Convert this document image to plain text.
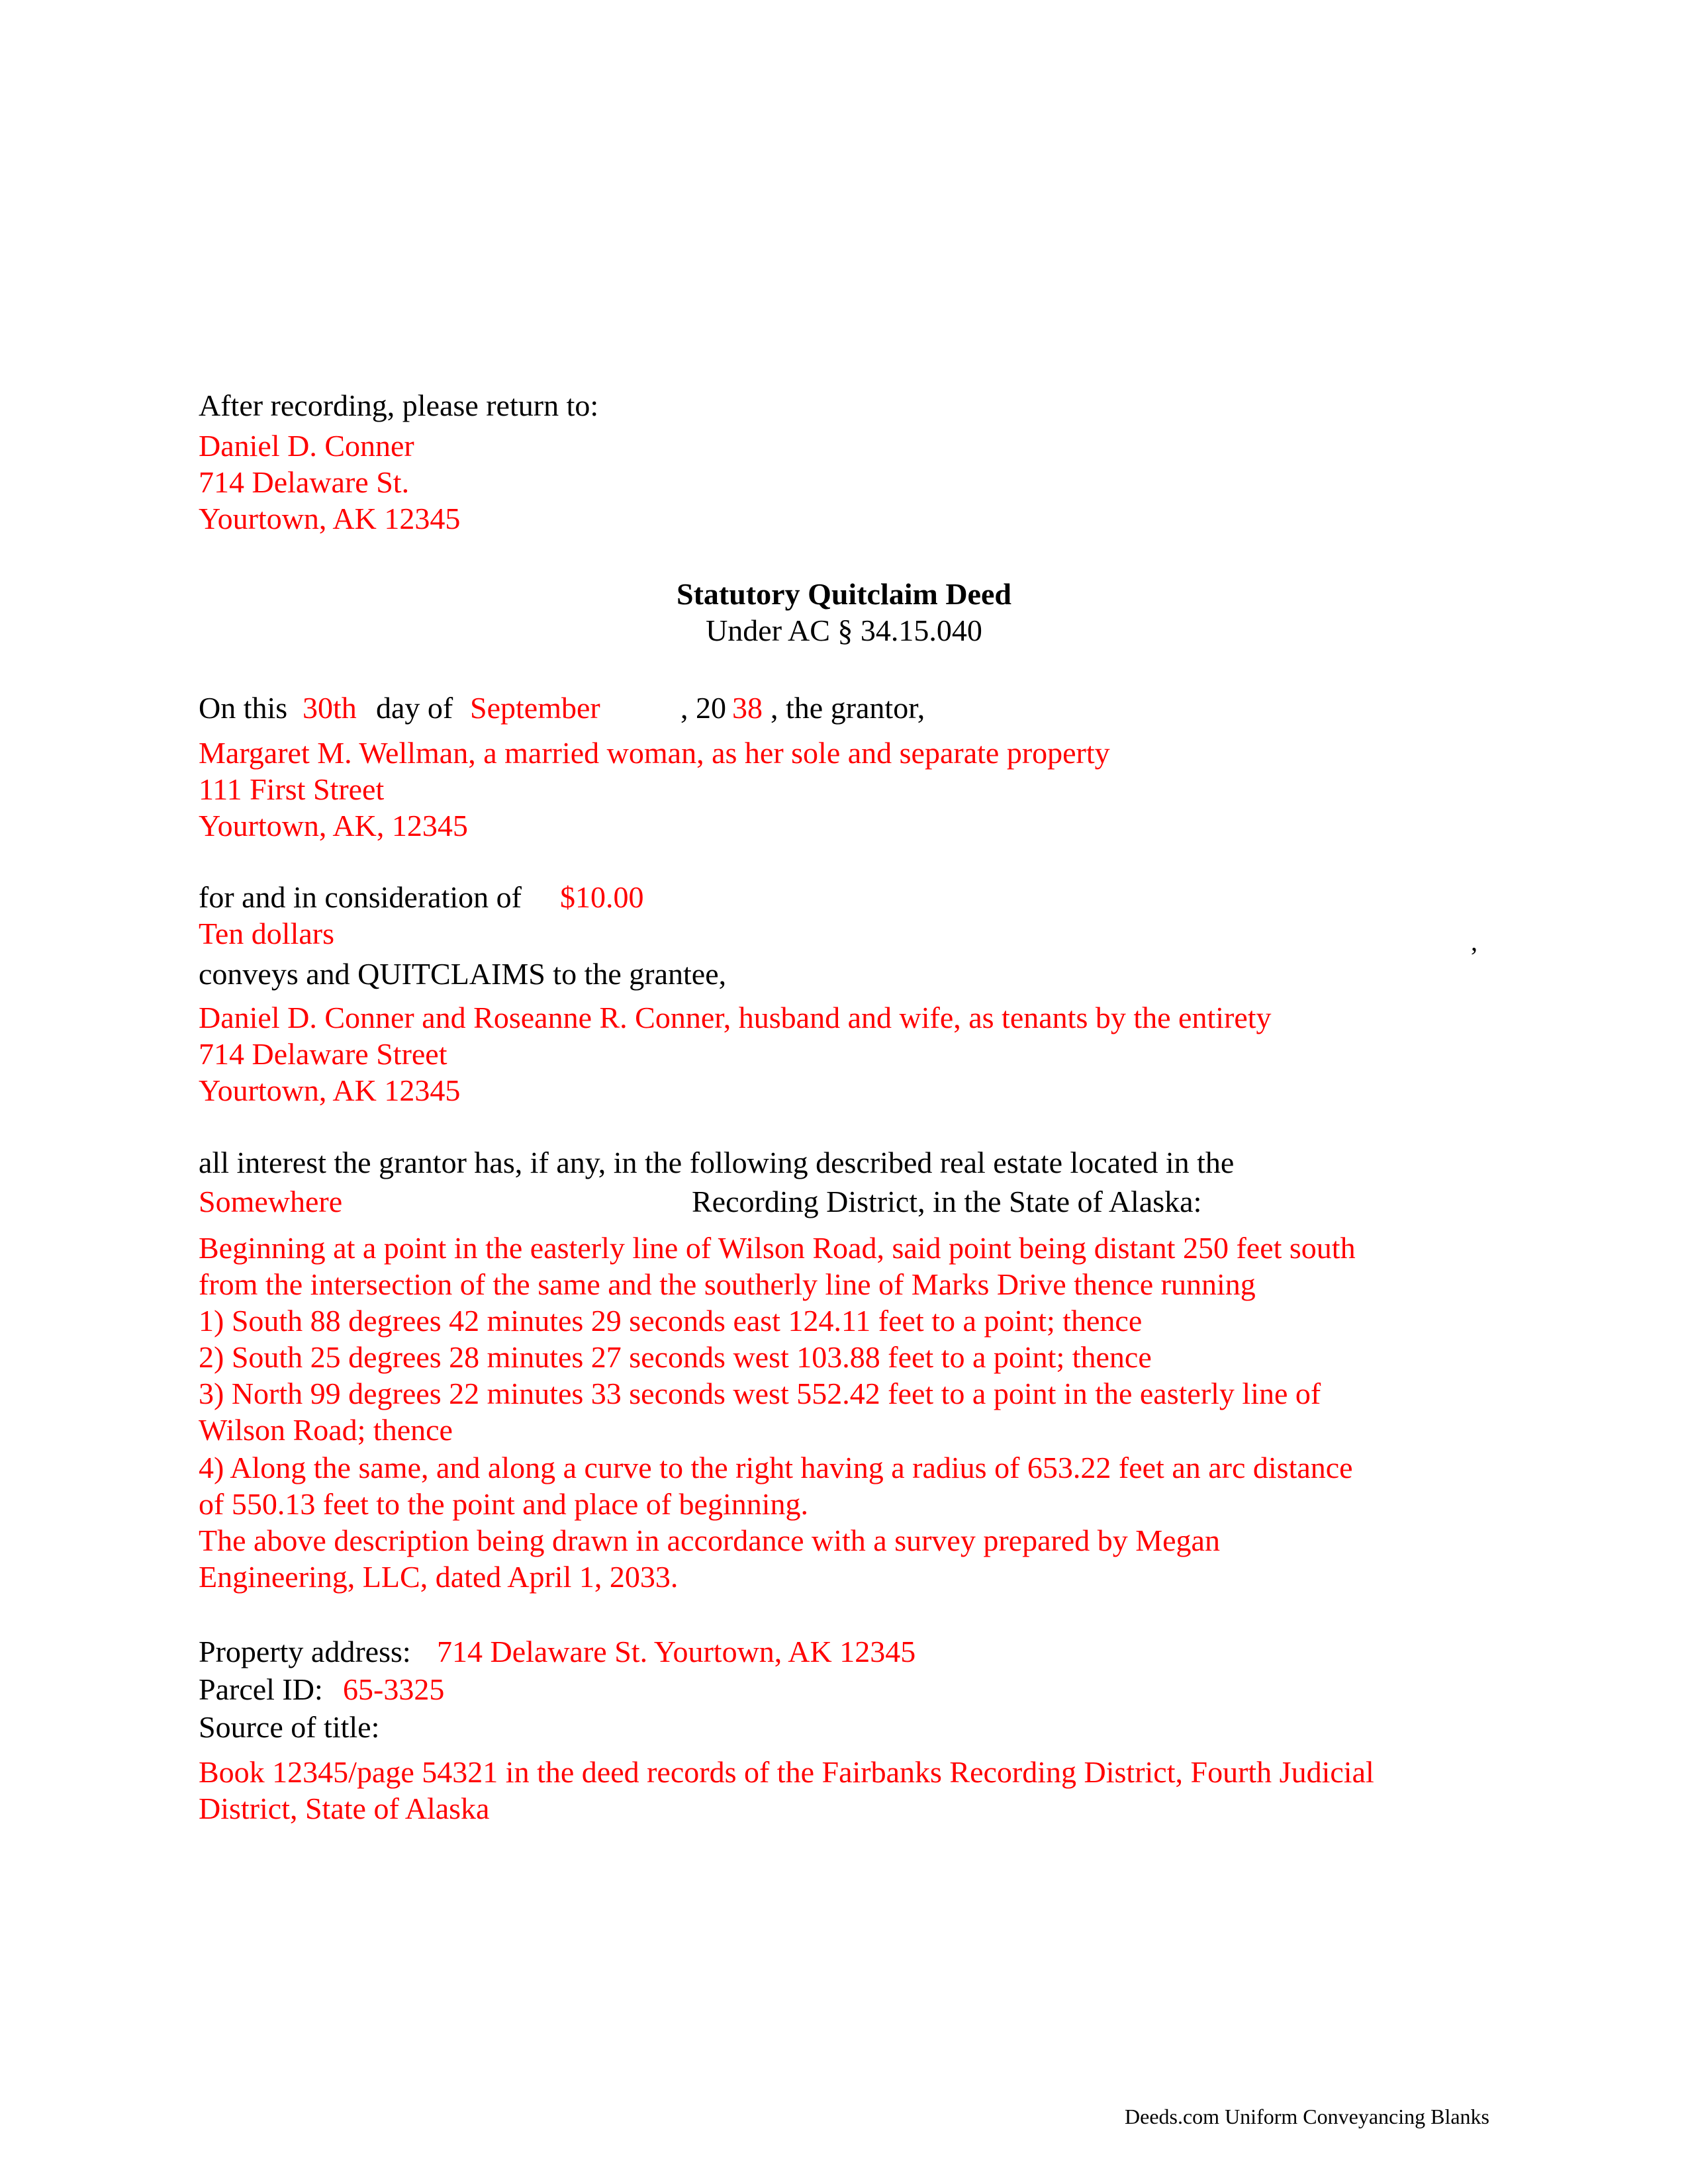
After recording, please return to:
Daniel D. Conner
714 Delaware St.
Yourtown, AK 12345
Statutory Quitclaim Deed
Under AC § 34.15.040
On this 30th day of September	, 20 38 , the grantor,
Margaret M. Wellman, a married woman, as her sole and separate property
111 First Street
Yourtown, AK, 12345
for and in consideration of $10.00
Ten dollars	,
conveys and QUITCLAIMS to the grantee,
Daniel D. Conner and Roseanne R. Conner, husband and wife, as tenants by the entirety
714 Delaware Street
Yourtown, AK 12345
all interest the grantor has, if any, in the following described real estate located in the
Somewhere	Recording District, in the State of Alaska:
Beginning at a point in the easterly line of Wilson Road, said point being distant 250 feet south
from the intersection of the same and the southerly line of Marks Drive thence running
1) South 88 degrees 42 minutes 29 seconds east 124.11 feet to a point; thence
2) South 25 degrees 28 minutes 27 seconds west 103.88 feet to a point; thence
3) North 99 degrees 22 minutes 33 seconds west 552.42 feet to a point in the easterly line of
Wilson Road; thence
4) Along the same, and along a curve to the right having a radius of 653.22 feet an arc distance
of 550.13 feet to the point and place of beginning.
The above description being drawn in accordance with a survey prepared by Megan
Engineering, LLC, dated April 1, 2033.
Property address: 714 Delaware St. Yourtown, AK 12345
Parcel ID: 65-3325
Source of title:
Book 12345/page 54321 in the deed records of the Fairbanks Recording District, Fourth Judicial
District, State of Alaska
Deeds.com Uniform Conveyancing Blanks
